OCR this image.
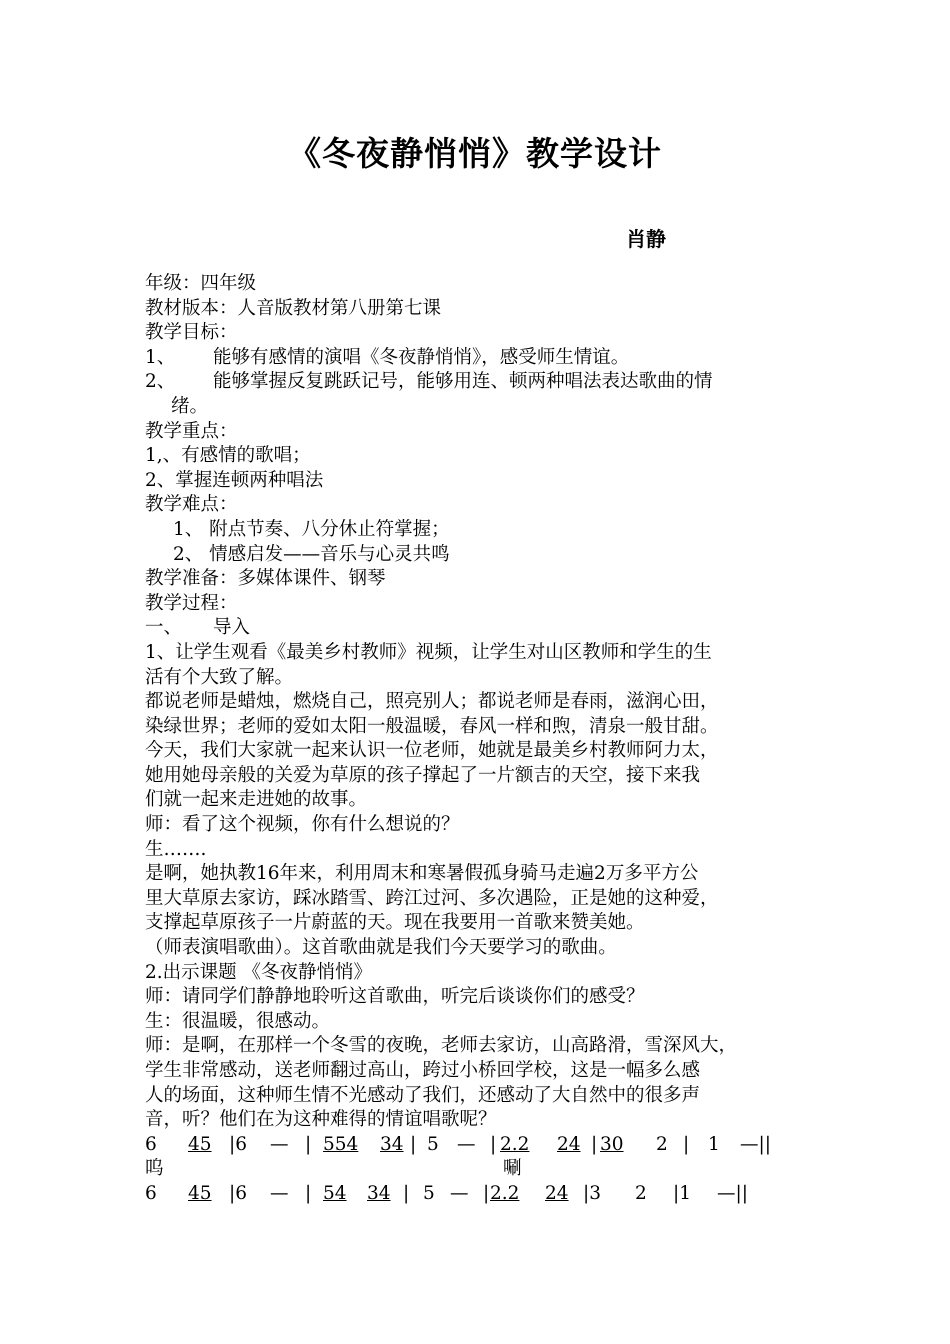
《冬夜静悄悄》教学设计
肖静
年级：四年级
教材版本：人音版教材第八册第七课
教学目标：
1、 能够有感情的演唱《冬夜静悄悄》，感受师生情谊。
2、 能够掌握反复跳跃记号，能够用连、顿两种唱法表达歌曲的情
绪。
教学重点：
1,、有感情的歌唱；
2、掌握连顿两种唱法
教学难点：
1、 附点节奏、八分休止符掌握；
2、 情感启发——音乐与心灵共鸣
教学准备：多媒体课件、钢琴
教学过程：
一、 导入
1、让学生观看《最美乡村教师》视频，让学生对山区教师和学生的生
活有个大致了解。
都说老师是蜡烛，燃烧自己，照亮别人；都说老师是春雨，滋润心田，
染绿世界；老师的爱如太阳一般温暖，春风一样和煦，清泉一般甘甜。
今天，我们大家就一起来认识一位老师，她就是最美乡村教师阿力太，
她用她母亲般的关爱为草原的孩子撑起了一片额吉的天空，接下来我
们就一起来走进她的故事。
师：看了这个视频，你有什么想说的？
生…….
是啊，她执教16年来，利用周末和寒暑假孤身骑马走遍2万多平方公
里大草原去家访，踩冰踏雪、跨江过河、多次遇险，正是她的这种爱，
支撑起草原孩子一片蔚蓝的天。现在我要用一首歌来赞美她。
（师表演唱歌曲）。这首歌曲就是我们今天要学习的歌曲。
2.出示课题 《冬夜静悄悄》
师：请同学们静静地聆听这首歌曲，听完后谈谈你们的感受？
生：很温暖，很感动。
师：是啊，在那样一个冬雪的夜晚，老师去家访，山高路滑，雪深风大，
学生非常感动，送老师翻过高山，跨过小桥回学校，这是一幅多么感
人的场面，这种师生情不光感动了我们，还感动了大自然中的很多声
音，听？他们在为这种难得的情谊唱歌呢？
6 45 |6 — | 554 34 | 5 — | 2.2 24 | 30 2 | 1 —||
呜	唰
6 45 |6 — | 54 34 | 5 — | 2.2 24 |3 2 |1 —||
